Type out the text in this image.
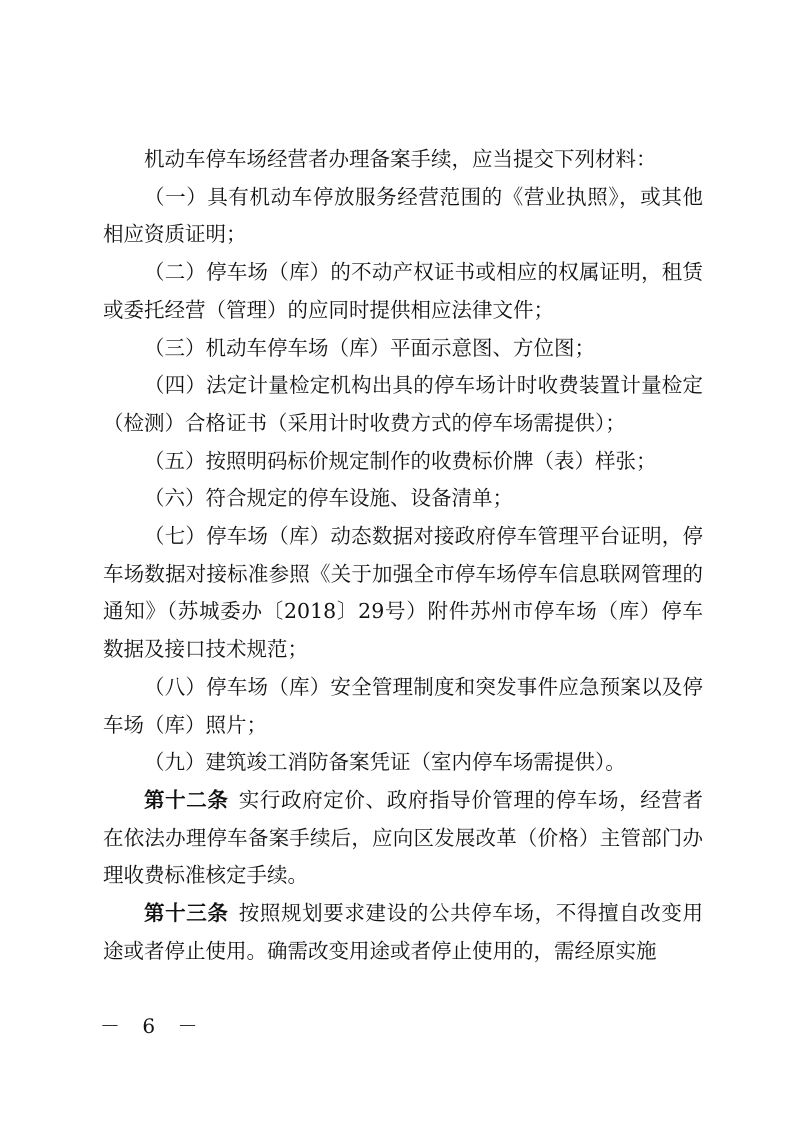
机动车停车场经营者办理备案手续，应当提交下列材料：

（一）具有机动车停放服务经营范围的《营业执照》，或其他相应资质证明；

（二）停车场（库）的不动产权证书或相应的权属证明，租赁或委托经营（管理）的应同时提供相应法律文件；

（三）机动车停车场（库）平面示意图、方位图；

（四）法定计量检定机构出具的停车场计时收费装置计量检定（检测）合格证书（采用计时收费方式的停车场需提供）；

（五）按照明码标价规定制作的收费标价牌（表）样张；

（六）符合规定的停车设施、设备清单；

（七）停车场（库）动态数据对接政府停车管理平台证明，停车场数据对接标准参照《关于加强全市停车场停车信息联网管理的通知》（苏城委办〔2018〕29号）附件苏州市停车场（库）停车数据及接口技术规范；

（八）停车场（库）安全管理制度和突发事件应急预案以及停车场（库）照片；

（九）建筑竣工消防备案凭证（室内停车场需提供）。

第十二条 实行政府定价、政府指导价管理的停车场，经营者在依法办理停车备案手续后，应向区发展改革（价格）主管部门办理收费标准核定手续。

第十三条 按照规划要求建设的公共停车场，不得擅自改变用途或者停止使用。确需改变用途或者停止使用的，需经原实施

－ 6 －
